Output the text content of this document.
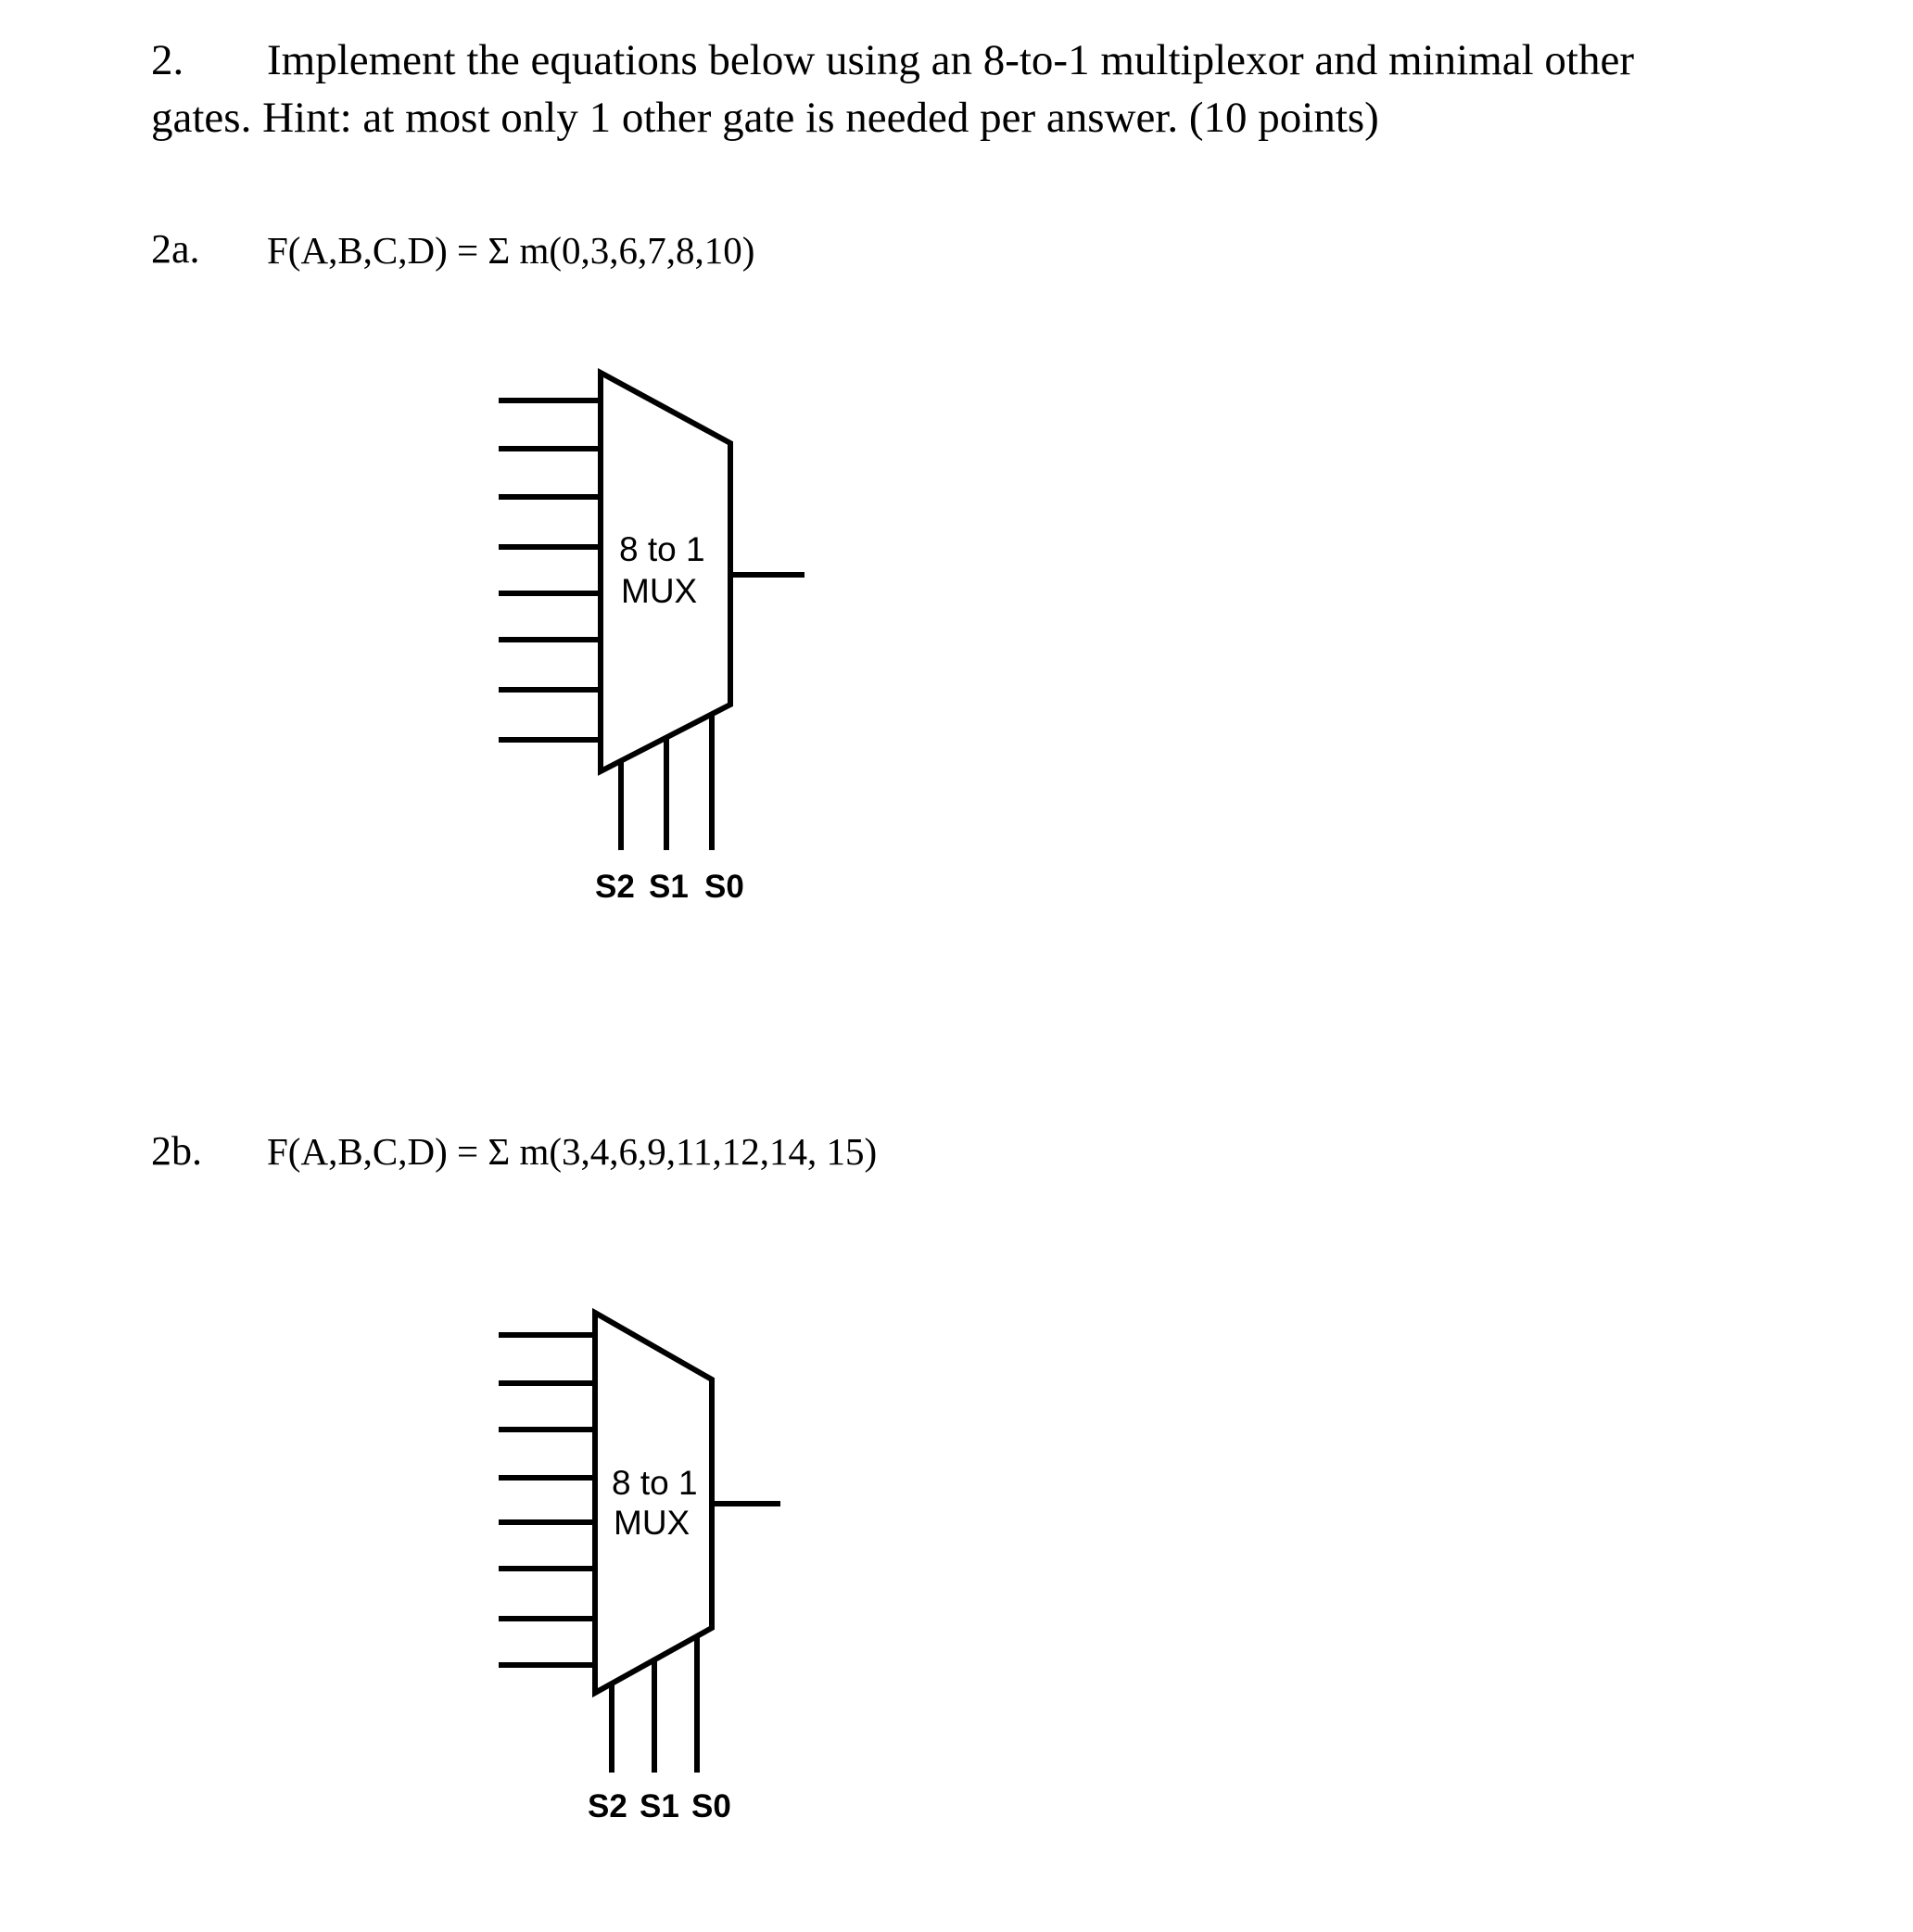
2. Implement the equations below using an 8-to-1 multiplexor and minimal other
gates. Hint: at most only 1 other gate is needed per answer. (10 points)
2a. F(A,B,C,D) = Σ m(0,3,6,7,8,10)
8 to 1
MUX
S2 S1 S0
2b. F(A,B,C,D) = Σ m(3,4,6,9,11,12,14, 15)
8 to 1
MUX
S2 S1 S0
